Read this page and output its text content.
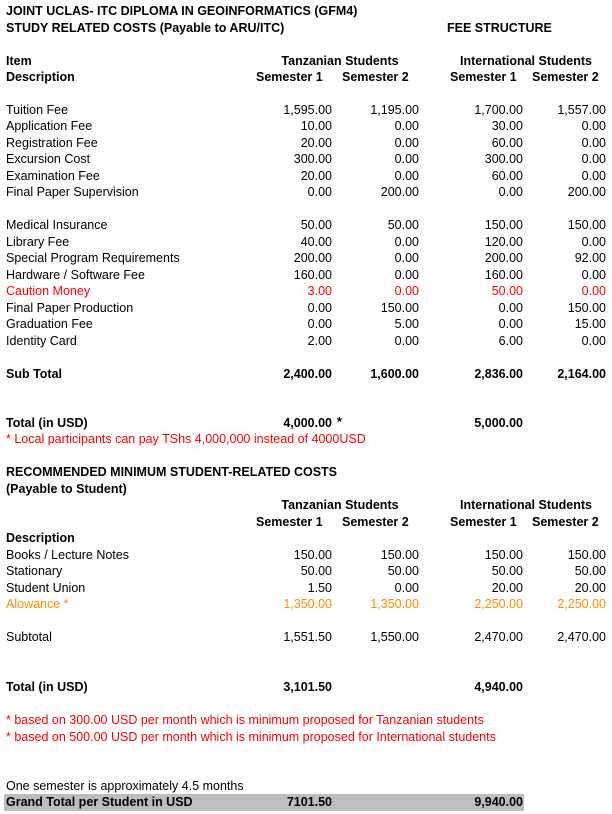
JOINT UCLAS- ITC DIPLOMA IN GEOINFORMATICS (GFM4)
STUDY RELATED COSTS (Payable to ARU/ITC)	FEE STRUCTURE
Item
Description
Tanzanian Students	International Students
Semester 1 Semester 2	Semester 1 Semester 2
Tuition Fee	1,595.00	1,195.00	1,700.00	1,557.00
Application Fee	10.00	0.00	30.00	0.00
Registration Fee	20.00	0.00	60.00	0.00
Excursion Cost	300.00	0.00	300.00	0.00
Examination Fee	20.00	0.00	60.00	0.00
Final Paper Supervision	0.00	200.00	0.00	200.00
Medical Insurance	50.00	50.00	150.00	150.00
Library Fee	40.00	0.00	120.00	0.00
Special Program Requirements	200.00	0.00	200.00	92.00
Hardware / Software Fee	160.00	0.00	160.00	0.00
Caution Money	3.00	0.00	50.00	0.00
Final Paper Production	0.00	150.00	0.00	150.00
Graduation Fee	0.00	5.00	0.00	15.00
Identity Card	2.00	0.00	6.00	0.00
Sub Total	2,400.00	1,600.00	2,836.00	2,164.00
Total (in USD)	4,000.00 *	5,000.00
* Local participants can pay TShs 4,000,000 instead of 4000USD
RECOMMENDED MINIMUM STUDENT-RELATED COSTS
(Payable to Student)
Tanzanian Students	International Students
Semester 1 Semester 2	Semester 1 Semester 2
Description
Books / Lecture Notes	150.00	150.00	150.00	150.00
Stationary	50.00	50.00	50.00	50.00
Student Union	1.50	0.00	20.00	20.00
Alowance *	1,350.00	1,350.00	2,250.00	2,250.00
Subtotal	1,551.50	1,550.00	2,470.00	2,470.00
Total (in USD)	3,101.50	4,940.00
* based on 300.00 USD per month which is minimum proposed for Tanzanian students
* based on 500.00 USD per month which is minimum proposed for International students
One semester is approximately 4.5 months
Grand Total per Student in USD	7101.50	9,940.00
